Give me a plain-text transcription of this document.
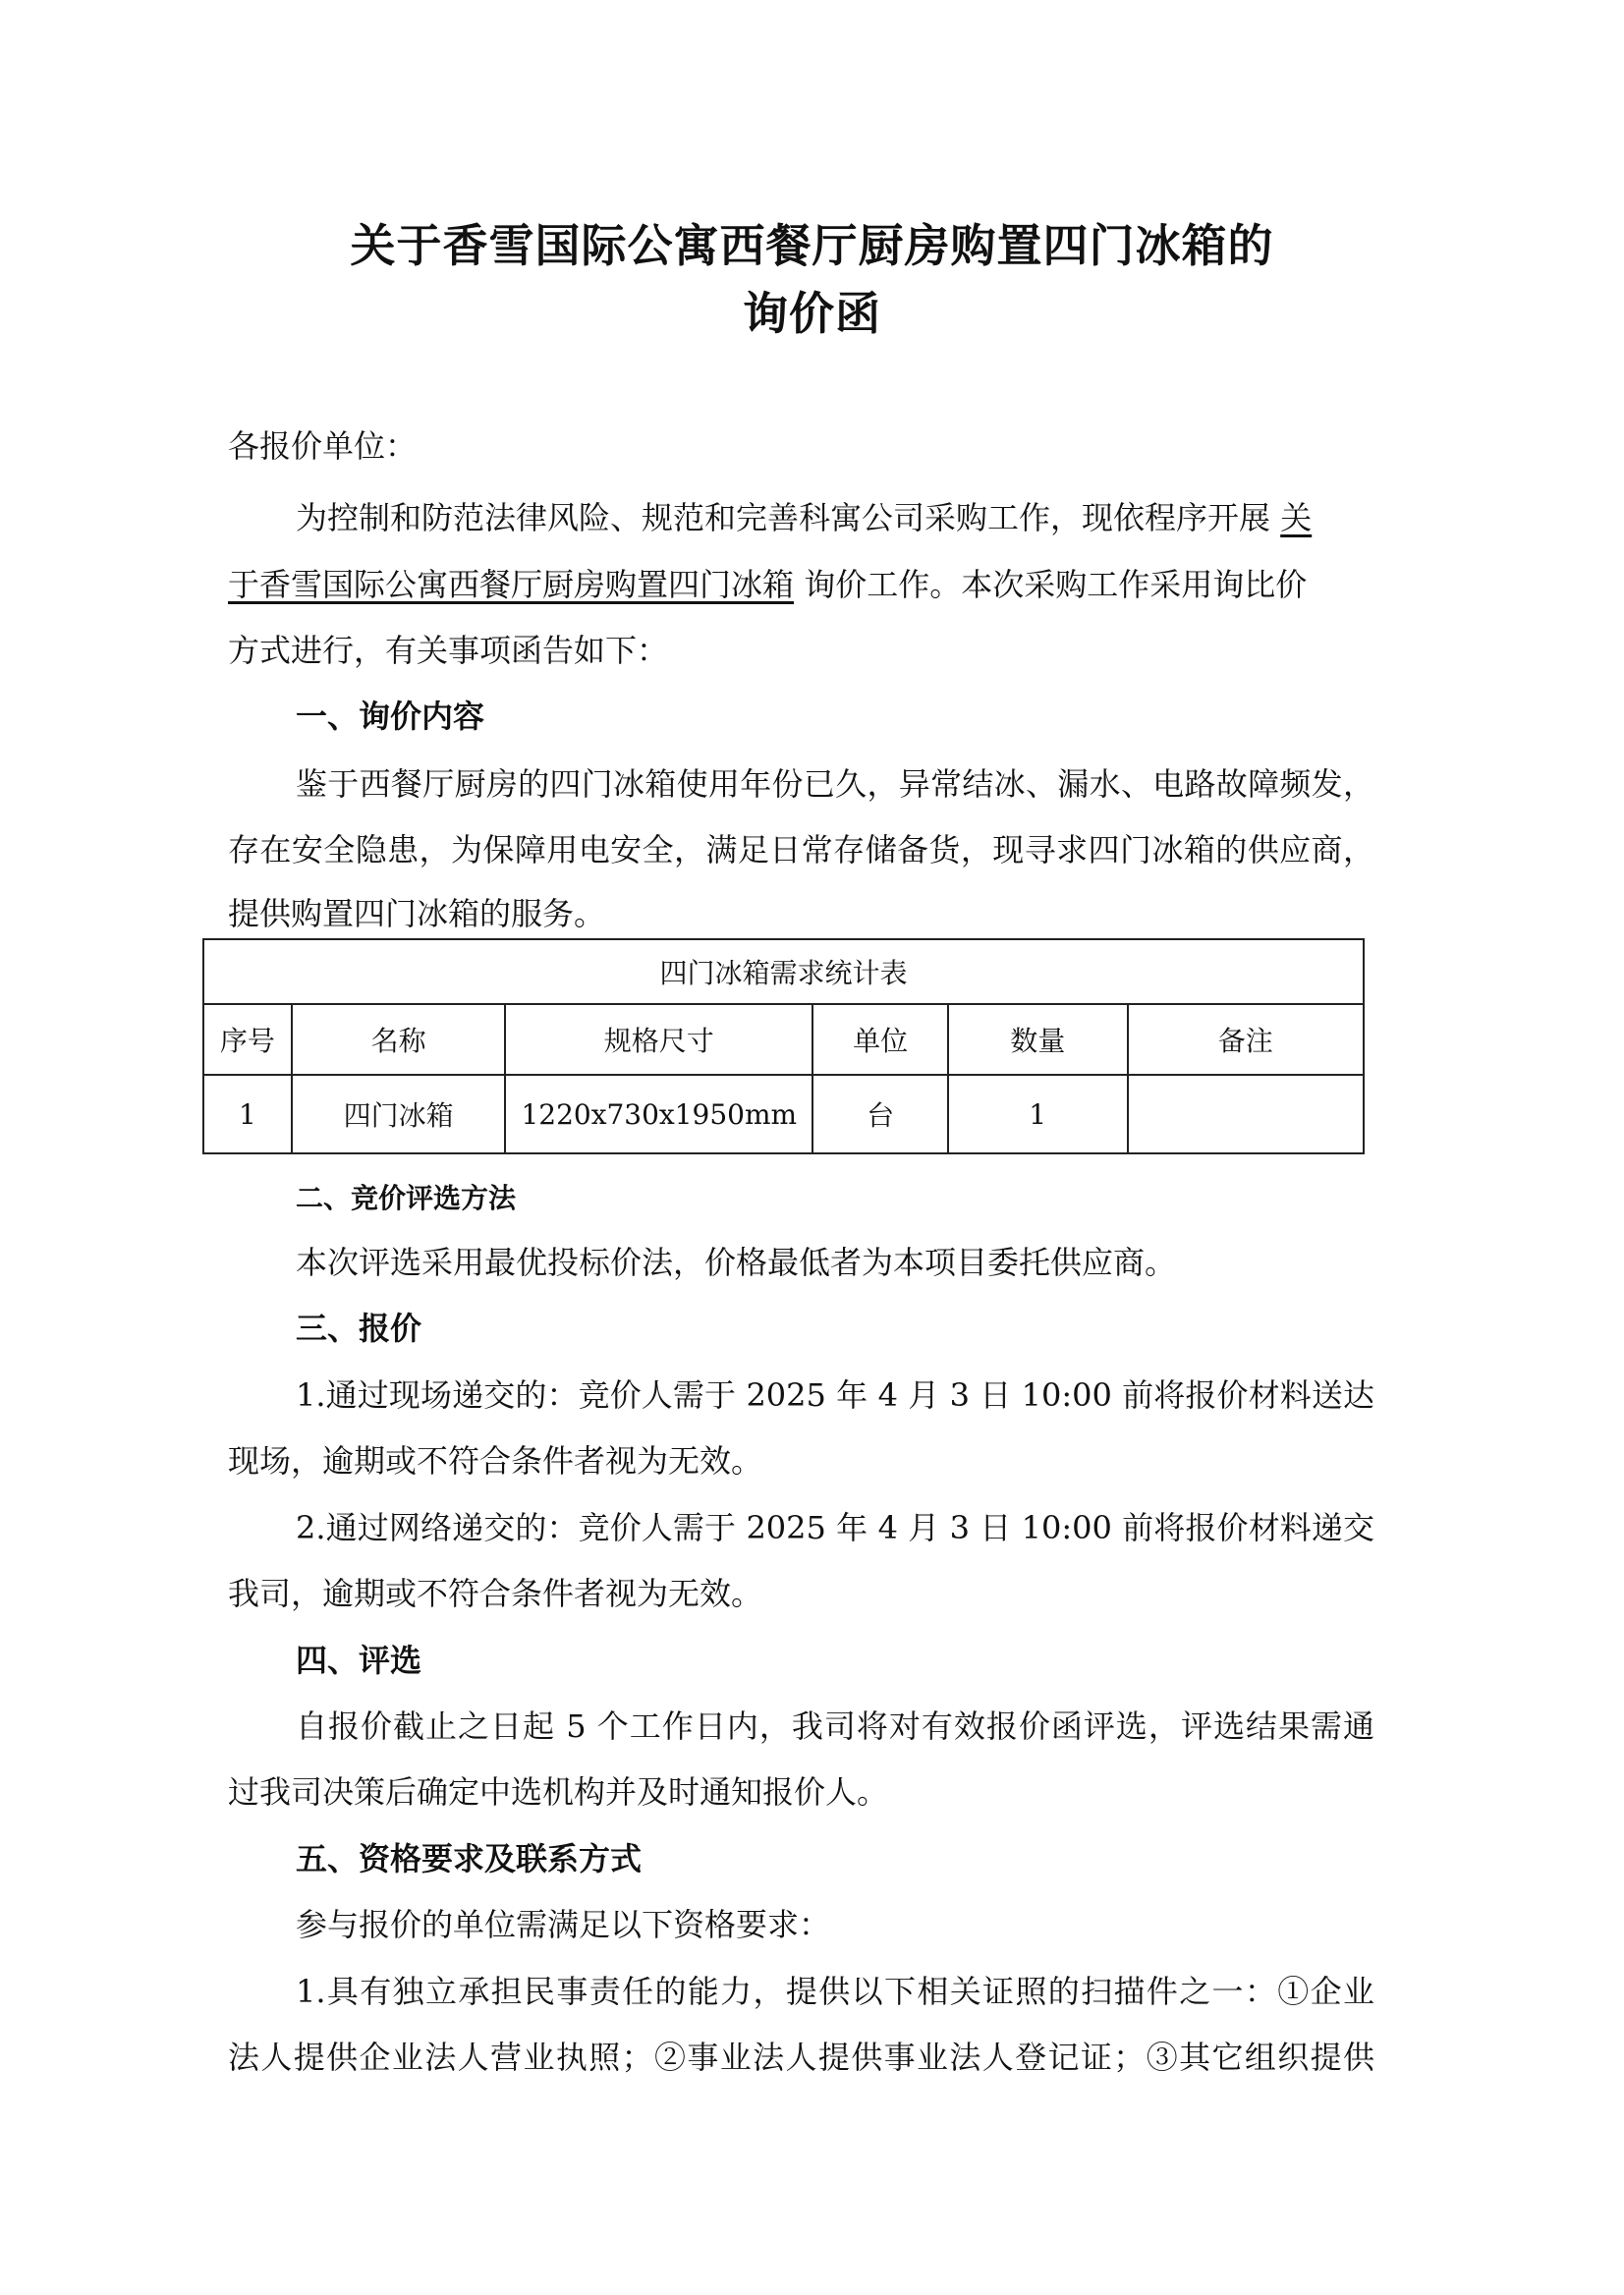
关于香雪国际公寓西餐厅厨房购置四门冰箱的
询价函
各报价单位：
为控制和防范法律风险、规范和完善科寓公司采购工作，现依程序开展 关
于香雪国际公寓西餐厅厨房购置四门冰箱 询价工作。本次采购工作采用询比价
方式进行，有关事项函告如下：
一、询价内容
鉴于西餐厅厨房的四门冰箱使用年份已久，异常结冰、漏水、电路故障频发，
存在安全隐患，为保障用电安全，满足日常存储备货，现寻求四门冰箱的供应商，
提供购置四门冰箱的服务。
四门冰箱需求统计表					
序号	名称	规格尺寸	单位	数量	备注
1	四门冰箱	1220x730x1950mm	台	1	
二、竞价评选方法
本次评选采用最优投标价法，价格最低者为本项目委托供应商。
三、报价
1.通过现场递交的：竞价人需于 2025 年 4 月 3 日 10:00 前将报价材料送达
现场，逾期或不符合条件者视为无效。
2.通过网络递交的：竞价人需于 2025 年 4 月 3 日 10:00 前将报价材料递交
我司，逾期或不符合条件者视为无效。
四、评选
自报价截止之日起 5 个工作日内，我司将对有效报价函评选，评选结果需通
过我司决策后确定中选机构并及时通知报价人。
五、资格要求及联系方式
参与报价的单位需满足以下资格要求：
1.具有独立承担民事责任的能力，提供以下相关证照的扫描件之一：①企业
法人提供企业法人营业执照；②事业法人提供事业法人登记证；③其它组织提供
